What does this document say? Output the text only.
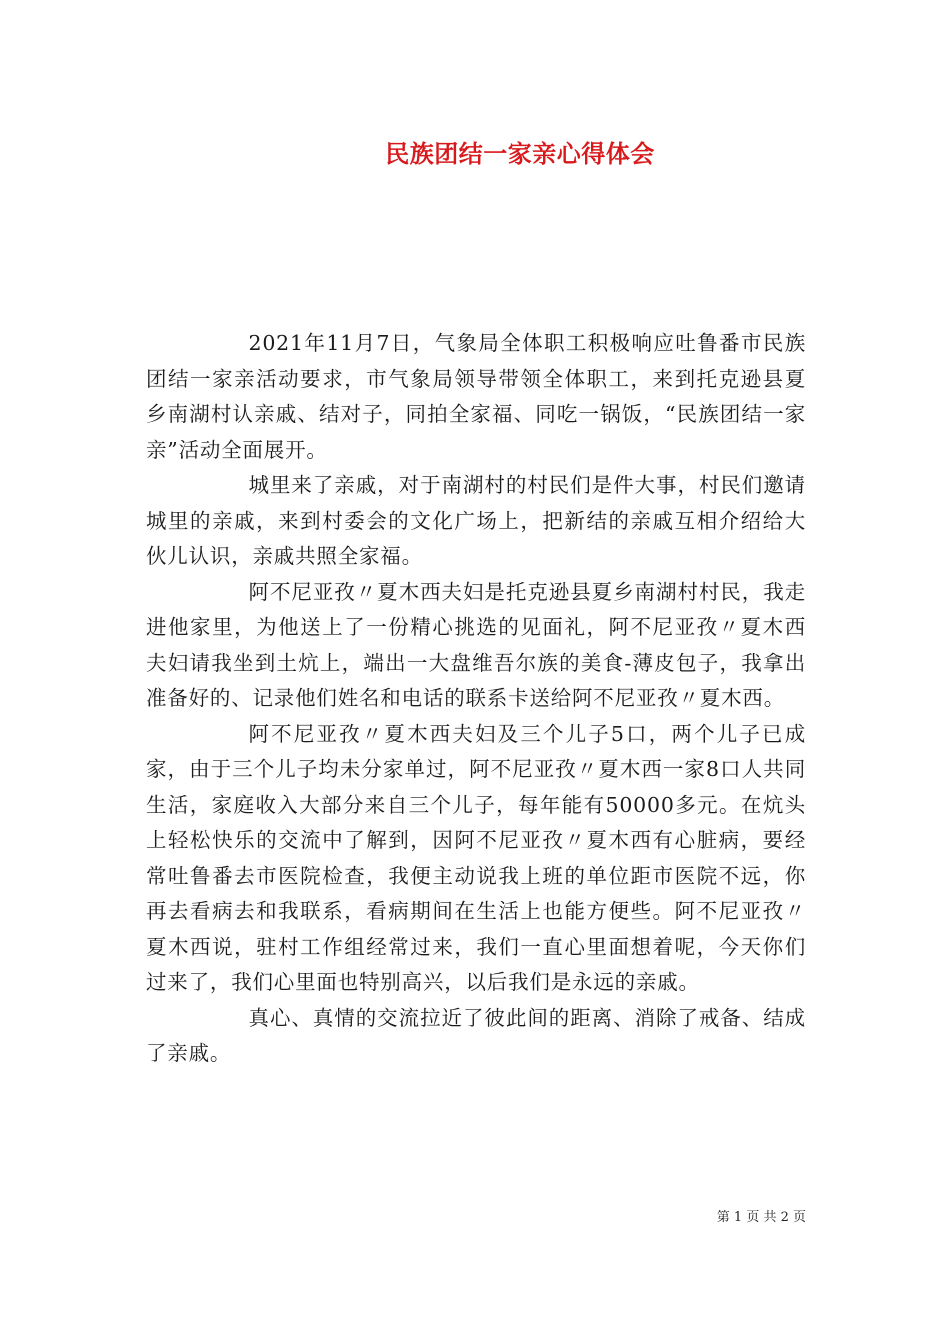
民族团结一家亲心得体会

2021年11月7日，气象局全体职工积极响应吐鲁番市民族团结一家亲活动要求，市气象局领导带领全体职工，来到托克逊县夏乡南湖村认亲戚、结对子，同拍全家福、同吃一锅饭，“民族团结一家亲”活动全面展开。

城里来了亲戚，对于南湖村的村民们是件大事，村民们邀请城里的亲戚，来到村委会的文化广场上，把新结的亲戚互相介绍给大伙儿认识，亲戚共照全家福。

阿不尼亚孜〃夏木西夫妇是托克逊县夏乡南湖村村民，我走进他家里，为他送上了一份精心挑选的见面礼，阿不尼亚孜〃夏木西夫妇请我坐到土炕上，端出一大盘维吾尔族的美食-薄皮包子，我拿出准备好的、记录他们姓名和电话的联系卡送给阿不尼亚孜〃夏木西。

阿不尼亚孜〃夏木西夫妇及三个儿子5口，两个儿子已成家，由于三个儿子均未分家单过，阿不尼亚孜〃夏木西一家8口人共同生活，家庭收入大部分来自三个儿子，每年能有50000多元。在炕头上轻松快乐的交流中了解到，因阿不尼亚孜〃夏木西有心脏病，要经常吐鲁番去市医院检查，我便主动说我上班的单位距市医院不远，你再去看病去和我联系，看病期间在生活上也能方便些。阿不尼亚孜〃夏木西说，驻村工作组经常过来，我们一直心里面想着呢，今天你们过来了，我们心里面也特别高兴，以后我们是永远的亲戚。

真心、真情的交流拉近了彼此间的距离、消除了戒备、结成了亲戚。

第 1 页 共 2 页
